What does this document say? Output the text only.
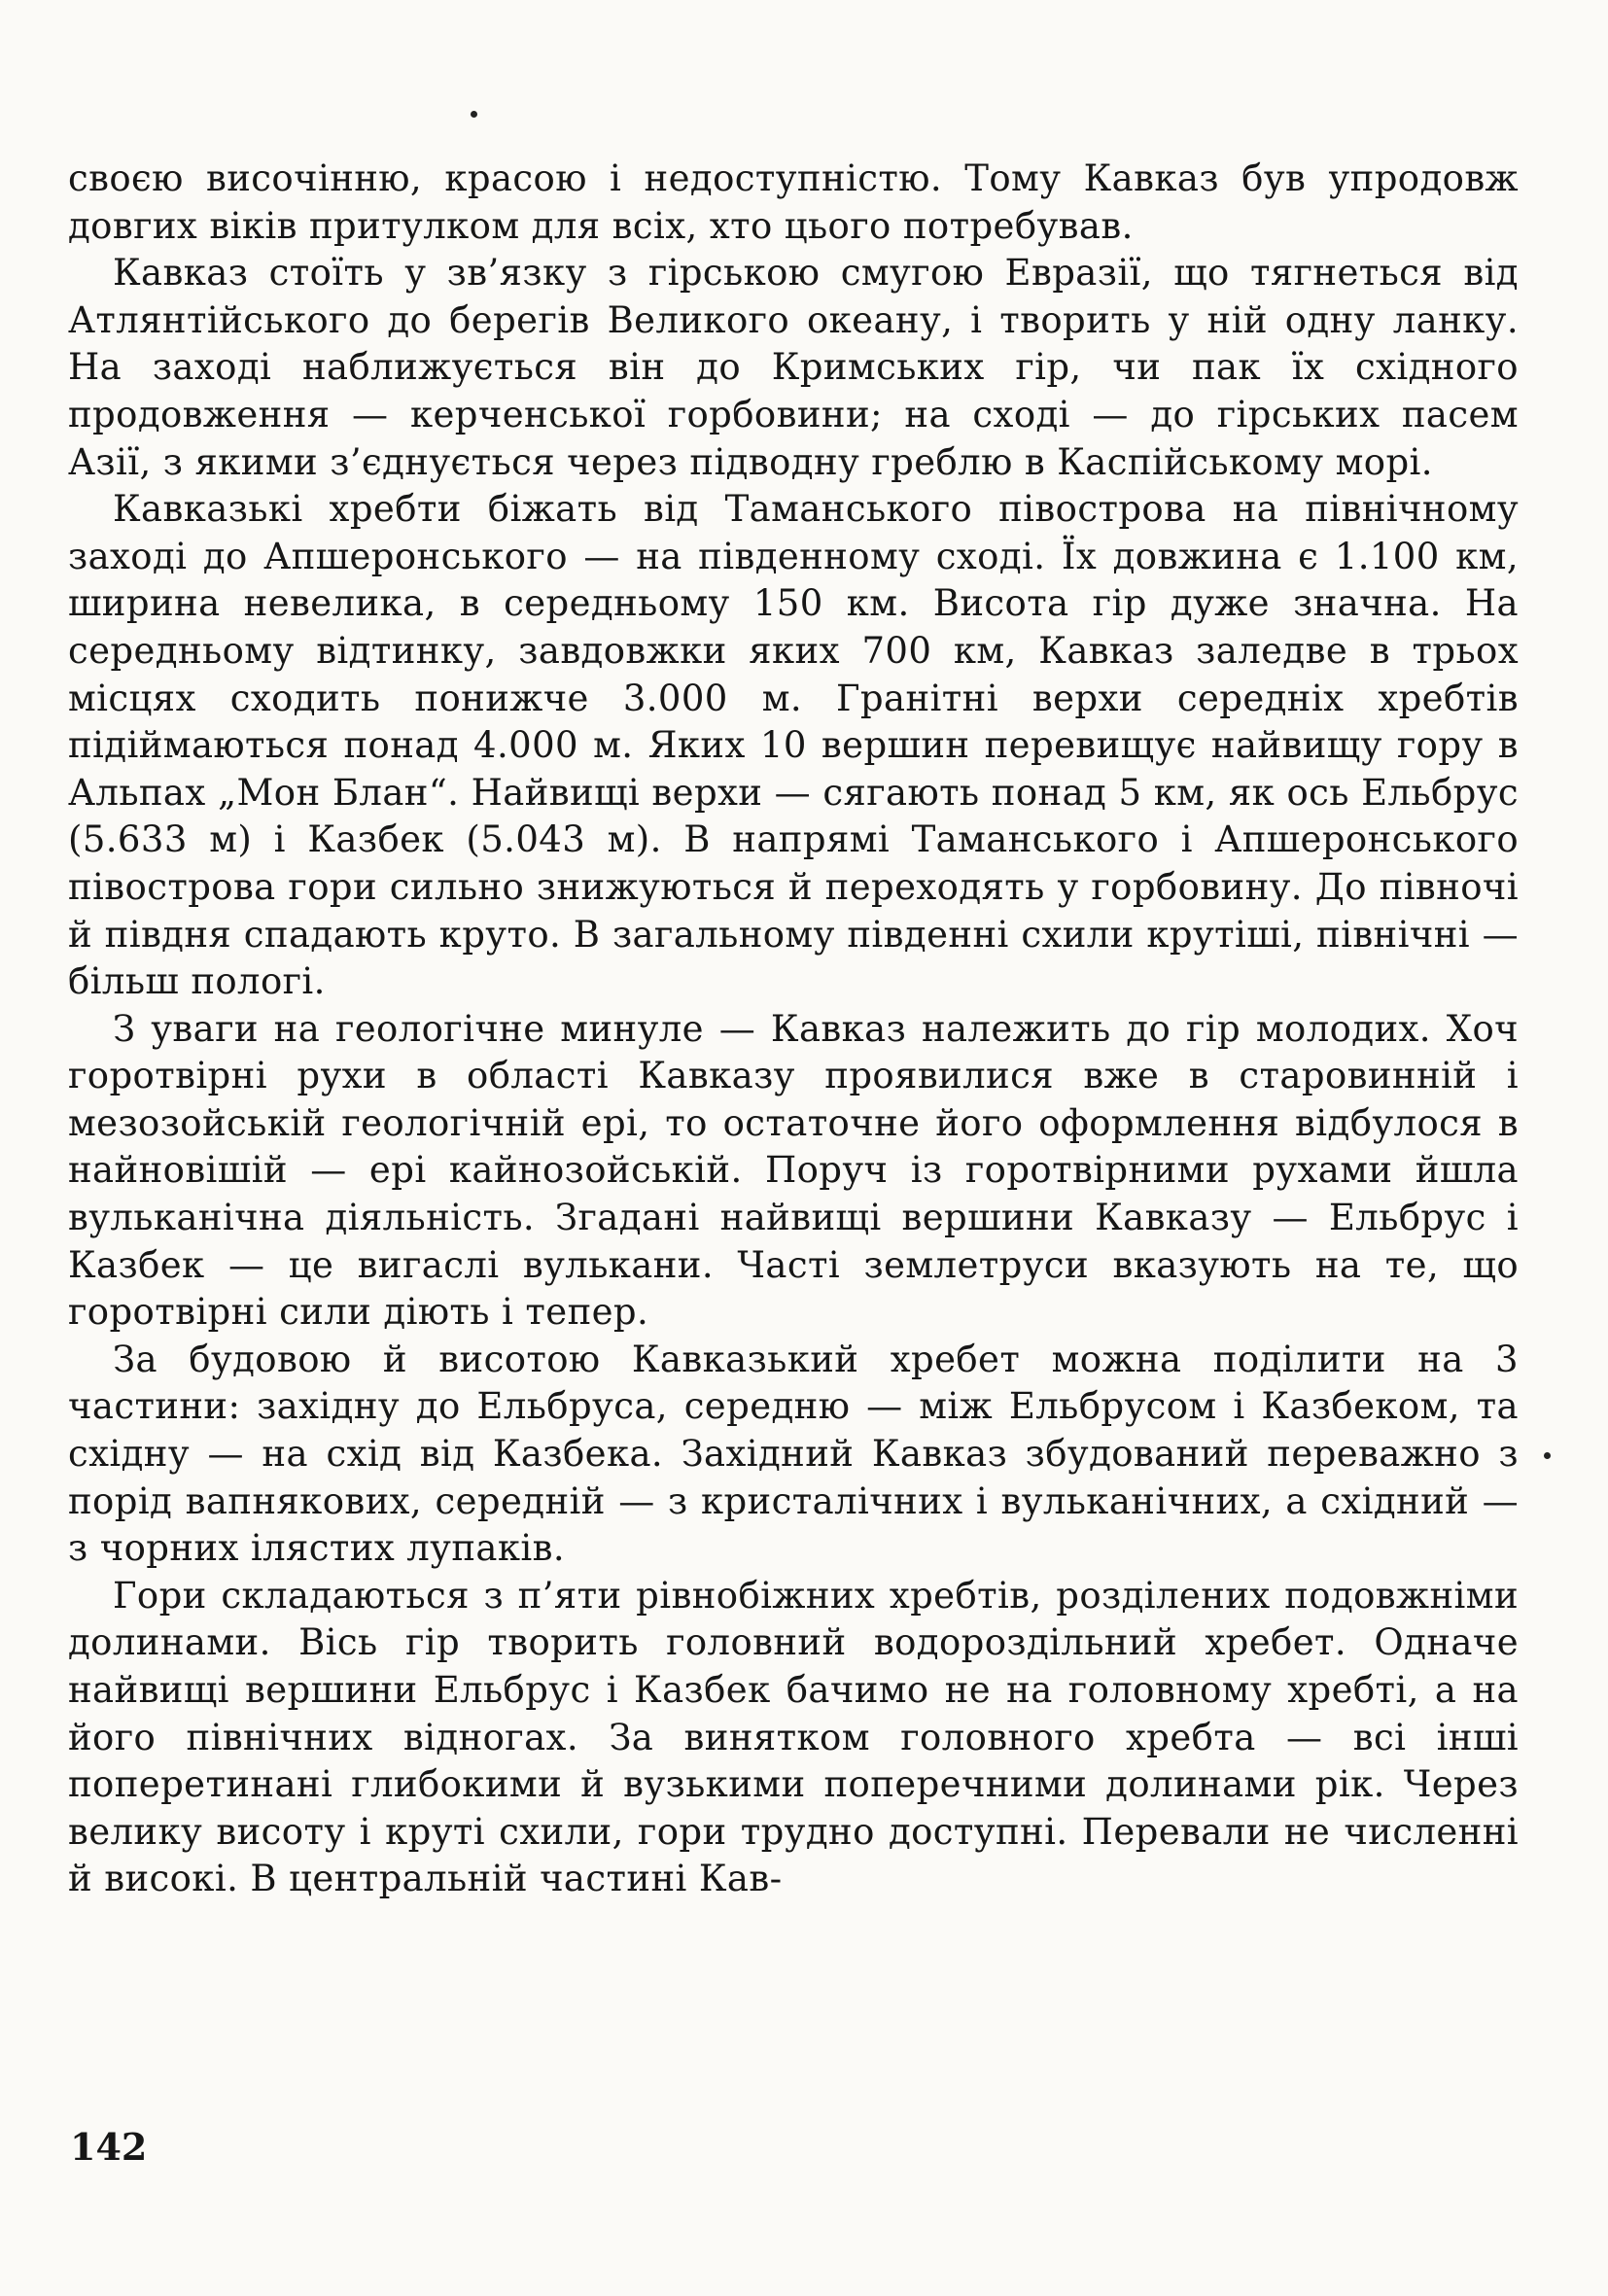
своєю височінню, красою і недоступністю. Тому Кавказ був упродовж довгих віків притулком для всіх, хто цього потребував.

Кавказ стоїть у зв’язку з гірською смугою Евразії, що тягнеться від Атлянтійського до берегів Великого океану, і творить у ній одну ланку. На заході наближується він до Кримських гір, чи пак їх східного продовження — керченської горбовини; на сході — до гірських пасем Азії, з якими з’єднується через підводну греблю в Каспійському морі.

Кавказькі хребти біжать від Таманського півострова на північному заході до Апшеронського — на південному сході. Їх довжина є 1.100 км, ширина невелика, в середньому 150 км. Висота гір дуже значна. На середньому відтинку, завдовжки яких 700 км, Кавказ заледве в трьох місцях сходить понижче 3.000 м. Гранітні верхи середніх хребтів підіймаються понад 4.000 м. Яких 10 вершин перевищує найвищу гору в Альпах „Мон Блан“. Найвищі верхи — сягають понад 5 км, як ось Ельбрус (5.633 м) і Казбек (5.043 м). В напрямі Таманського і Апшеронського півострова гори сильно знижуються й переходять у горбовину. До півночі й півдня спадають круто. В загальному південні схили крутіші, північні — більш пологі.

З уваги на геологічне минуле — Кавказ належить до гір молодих. Хоч горотвірні рухи в області Кавказу проявилися вже в старовинній і мезозойській геологічній ері, то остаточне його оформлення відбулося в найновішій — ері кайнозойській. Поруч із горотвірними рухами йшла вульканічна діяльність. Згадані найвищі вершини Кавказу — Ельбрус і Казбек — це вигаслі вулькани. Часті землетруси вказують на те, що горотвірні сили діють і тепер.

За будовою й висотою Кавказький хребет можна поділити на 3 частини: західну до Ельбруса, середню — між Ельбрусом і Казбеком, та східну — на схід від Казбека. Західний Кавказ збудований переважно з порід вапнякових, середній — з кристалічних і вульканічних, а східний — з чорних ілястих лупаків.

Гори складаються з п’яти рівнобіжних хребтів, розділених подовжніми долинами. Вісь гір творить головний водороздільний хребет. Одначе найвищі вершини Ельбрус і Казбек бачимо не на головному хребті, а на його північних відногах. За винятком головного хребта — всі інші поперетинані глибокими й вузькими поперечними долинами рік. Через велику висоту і круті схили, гори трудно доступні. Перевали не численні й високі. В центральній частині Кав-

142
